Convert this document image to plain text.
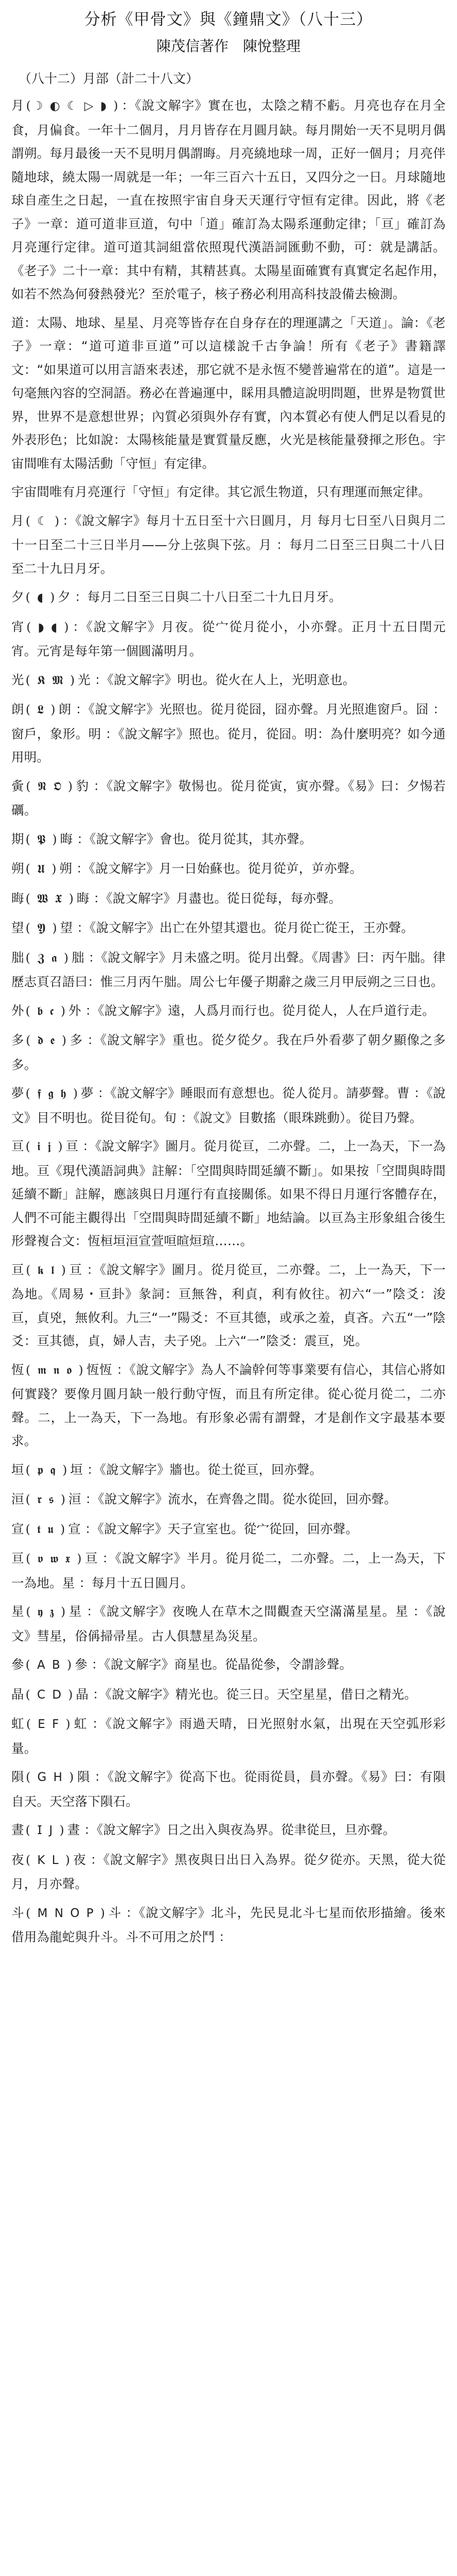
分析《甲骨文》與《鐘鼎文》（八十三）
陳茂信著作　陳悅整理
（八十二）月部（計二十八文）
月 (☽ ◐ ☾ ▷ ◗ ) ：《說文解字》實在也，太陰之精不虧。月亮也存在月全食，月偏食。一年十二個月，月月皆存在月圓月缺。每月開始一天不見明月偶謂朔。每月最後一天不見明月偶謂晦。月亮繞地球一周，正好一個月；月亮伴隨地球，繞太陽一周就是一年；一年三百六十五日，又四分之一日。月球隨地球自產生之日起，一直在按照宇宙自身天天運行守恒有定律。因此，將《老子》一章：道可道非亘道，句中「道」確訂為太陽系運動定律；「亘」確訂為月亮運行定律。道可道其詞組當依照現代漢語詞匯動不動，可：就是講話。《老子》二十一章：其中有精，其精甚真。太陽星面確實有真實定名起作用，如若不然為何發熱發光？至於電子，核子務必利用高科技設備去檢測。
道：太陽、地球、星星、月亮等皆存在自身存在的理運講之「天道」。論：《老子》一章：“道可道非亘道”可以這樣說千古争論！所有《老子》書籍譯文：“如果道可以用言語來表述，那它就不是永恆不變普遍常在的道”。這是一句毫無內容的空洞語。務必在普遍運中，睬用具體這說明問題，世界是物質世界，世界不是意想世界；內質必須與外存有實，內本質必有使人們足以看見的外表形色；比如說：太陽核能量是實質量反應，火光是核能量發揮之形色。宇宙間唯有太陽活動「守恒」有定律。
宇宙間唯有月亮運行「守恒」有定律。其它派生物道，只有理運而無定律。
月 ( ☾ ) ：《說文解字》每月十五日至十六日圓月，月 每月七日至八日與月二十一日至二十三日半月——分上弦與下弦。月 ：每月二日至三日與二十八日至二十九日月牙。
夕 ( ◖ ) 夕 ：每月二日至三日與二十八日至二十九日月牙。
宵 ( ◗ ◖ ) ：《說文解字》月夜。從宀從月從小，小亦聲。正月十五日閏元宵。元宵是每年第一個圓滿明月。
光 ( 𝕶 𝕸 ) 光 ：《說文解字》明也。從火在人上，光明意也。
朗 ( 𝕷 ) 朗 ：《說文解字》光照也。從月從囧，囧亦聲。月光照進窗戶。囧 ：窗戶，象形。明 ：《說文解字》照也。從月，從囧。明：為什麼明亮？如今通用明。
夤 ( 𝕹 𝕺 ) 豹 ：《說文解字》敬惕也。從月從寅，寅亦聲。《易》曰：夕惕若礪。
期 ( 𝕻 ) 晦 ：《說文解字》會也。從月從其，其亦聲。
朔 ( 𝖀 ) 朔 ：《說文解字》月一日始蘇也。從月從屰，屰亦聲。
晦 ( 𝖂 𝖃 ) 晦 ：《說文解字》月盡也。從日從每，每亦聲。
望 ( 𝖄 ) 望 ：《說文解字》出亡在外望其還也。從月從亡從王，王亦聲。
朏 ( 𝖅 𝖆 ) 朏 ：《說文解字》月未盛之明。從月出聲。《周書》曰：丙午朏。律歷志頁召語曰：惟三月丙午朏。周公七年優子期辭之歲三月甲辰朔之三日也。
外 ( 𝖇 𝖈 ) 外 ：《說文解字》遠，人爲月而行也。從月從人，人在戶道行走。
多 ( 𝖉 𝖊 ) 多 ：《說文解字》重也。從夕從夕。我在戶外看夢了朝夕顯像之多多。
夢 ( 𝖋 𝖌 𝖍 ) 夢 ：《說文解字》睡眼而有意想也。從人從月。請夢聲。曹 ：《說文》目不明也。從目從旬。旬 ：《說文》目數搖（眼珠跳動）。從目乃聲。
亘 ( 𝖎 𝖏 ) 亘 ：《說文解字》圖月。從月從亘，二亦聲。二，上一為天，下一為地。亘《現代漢語詞典》註解：「空間與時間延續不斷」。如果按「空間與時間延續不斷」註解，應該與日月運行有直接關係。如果不得日月運行客體存在，人們不可能主觀得出「空間與時間延續不斷」地結論。以亘為主形象組合後生形聲複合文：恆桓垣洹宣萱咺暄烜瑄……。
亘 ( 𝖐 𝖑 ) 亘 ：《說文解字》圖月。從月從亘，二亦聲。二，上一為天，下一為地。《周易・亘卦》彖詞：亘無咎，利貞，利有攸往。初六“一”陰爻：浚亘，貞兇，無攸利。九三“一”陽爻：不亘其德，或承之羞，貞吝。六五“一”陰爻：亘其德，貞，婦人吉，夫子兇。上六“一”陰爻：震亘，兇。
恆 ( 𝖒 𝖓 𝖔 ) 恆恆 ：《說文解字》為人不論幹何等事業要有信心，其信心將如何實踐？要像月圓月缺一般行動守恆，而且有所定律。從心從月從二，二亦聲。二，上一為天，下一為地。有形象必需有謂聲，才是創作文字最基本要求。
垣 ( 𝖕 𝖖 ) 垣 ：《說文解字》牆也。從土從亘，回亦聲。
洹 ( 𝖗 𝖘 ) 洹 ：《說文解字》流水，在齊魯之間。從水從回，回亦聲。
宣 ( 𝖙 𝖚 ) 宣 ：《說文解字》天子宣室也。從宀從回，回亦聲。
亘 ( 𝖛 𝖜 𝖝 ) 亘 ：《說文解字》半月。從月從二，二亦聲。二，上一為天，下一為地。星 ：每月十五日圓月。
星 ( 𝖞 𝖟 ) 星 ：《說文解字》夜晚人在草木之間觀查天空滿滿星星。星 ：《說文》彗星，俗偁掃帚星。古人俱慧星為災星。
參 ( 𝖠 𝖡 ) 參 ：《說文解字》商星也。從晶從參，令謂診聲。
晶 ( 𝖢 𝖣 ) 晶 ：《說文解字》精光也。從三日。天空星星，借日之精光。
虹 ( 𝖤 𝖥 ) 虹 ：《說文解字》雨過天晴，日光照射水氣，出現在天空弧形彩量。
隕 ( 𝖦 𝖧 ) 隕 ：《說文解字》從高下也。從雨從員，員亦聲。《易》曰：有隕自天。天空落下隕石。
晝 ( 𝖨 𝖩 ) 晝 ：《說文解字》日之出入與夜為界。從聿從旦，旦亦聲。
夜 ( 𝖪 𝖫 ) 夜 ：《說文解字》黑夜與日出日入為界。從夕從亦。天黑，從大從月，月亦聲。
斗 ( 𝖬 𝖭 𝖮 𝖯 ) 斗 ：《說文解字》北斗，先民見北斗七星而依形描繪。後來借用為龍蛇與升斗。斗不可用之於鬥 ：
